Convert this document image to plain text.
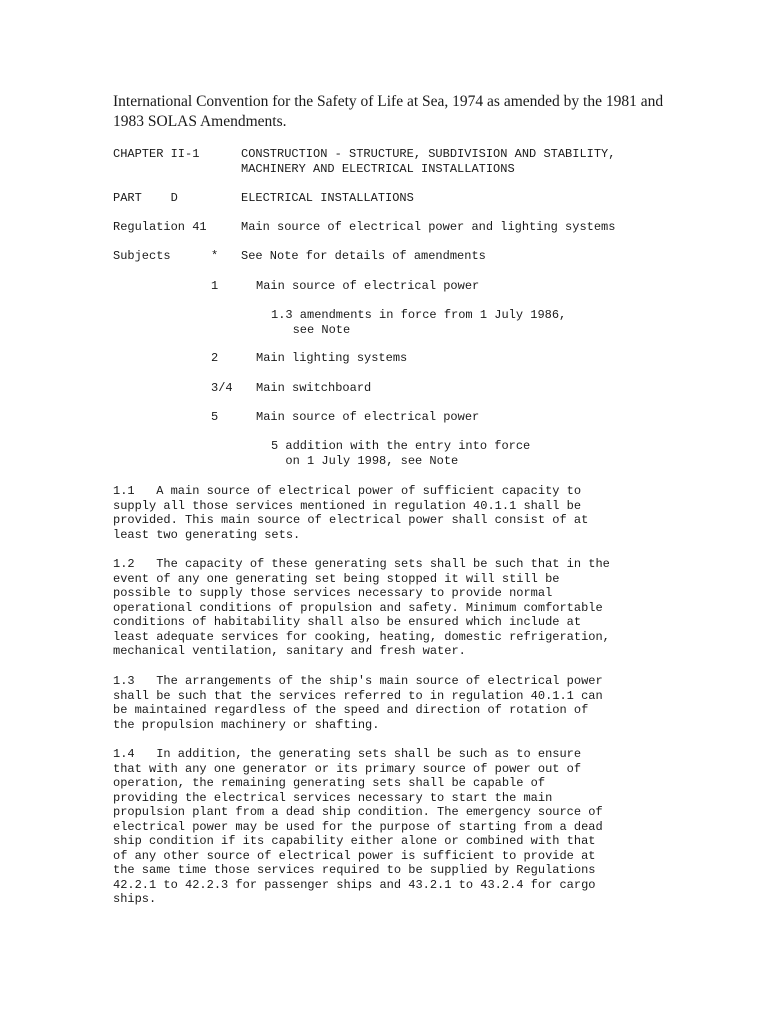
International Convention for the Safety of Life at Sea, 1974 as amended by the 1981 and 1983 SOLAS Amendments.
CHAPTER II-1	CONSTRUCTION - STRUCTURE, SUBDIVISION AND STABILITY,
MACHINERY AND ELECTRICAL INSTALLATIONS
PART    D	ELECTRICAL INSTALLATIONS
Regulation 41	Main source of electrical power and lighting systems
Subjects	* See Note for details of amendments
1	Main source of electrical power
1.3 amendments in force from 1 July 1986,
see Note
2	Main lighting systems
3/4 Main switchboard
5	Main source of electrical power
5 addition with the entry into force
on 1 July 1998, see Note
1.1   A main source of electrical power of sufficient capacity to
supply all those services mentioned in regulation 40.1.1 shall be
provided. This main source of electrical power shall consist of at
least two generating sets.
1.2   The capacity of these generating sets shall be such that in the
event of any one generating set being stopped it will still be
possible to supply those services necessary to provide normal
operational conditions of propulsion and safety. Minimum comfortable
conditions of habitability shall also be ensured which include at
least adequate services for cooking, heating, domestic refrigeration,
mechanical ventilation, sanitary and fresh water.
1.3   The arrangements of the ship's main source of electrical power
shall be such that the services referred to in regulation 40.1.1 can
be maintained regardless of the speed and direction of rotation of
the propulsion machinery or shafting.
1.4   In addition, the generating sets shall be such as to ensure
that with any one generator or its primary source of power out of
operation, the remaining generating sets shall be capable of
providing the electrical services necessary to start the main
propulsion plant from a dead ship condition. The emergency source of
electrical power may be used for the purpose of starting from a dead
ship condition if its capability either alone or combined with that
of any other source of electrical power is sufficient to provide at
the same time those services required to be supplied by Regulations
42.2.1 to 42.2.3 for passenger ships and 43.2.1 to 43.2.4 for cargo
ships.
